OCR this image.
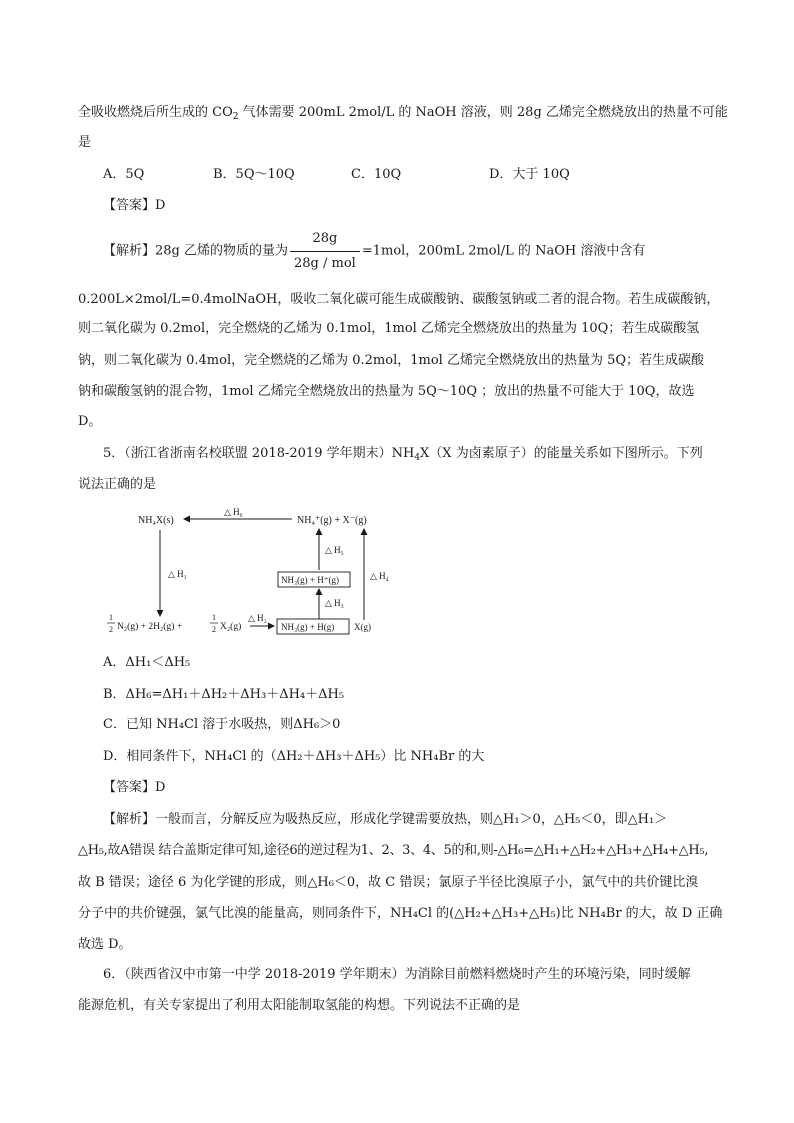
全吸收燃烧后所生成的 $CO_2$ 气体需要 200mL 2mol/L 的 NaOH 溶液，则 28g 乙烯完全燃烧放出的热量不可能
是
A．5Q	B．5Q～10Q	C．10Q	D．大于 10Q
【答案】D
【解析】28g 乙烯的物质的量为 $\frac{28g}{\text{28g / mol}} =1mol$，200mL 2mol/L 的 NaOH 溶液中含有
0.200L×2mol/L=0.4molNaOH，吸收二氧化碳可能生成碳酸钠、碳酸氢钠或二者的混合物。若生成碳酸钠，
则二氧化碳为 0.2mol，完全燃烧的乙烯为 0.1mol，1mol 乙烯完全燃烧放出的热量为 10Q；若生成碳酸氢
钠，则二氧化碳为 0.4mol，完全燃烧的乙烯为 0.2mol，1mol 乙烯完全燃烧放出的热量为 5Q；若生成碳酸
钠和碳酸氢钠的混合物，1mol 乙烯完全燃烧放出的热量为 5Q～10Q ；放出的热量不可能大于 10Q，故选
D。
5．（浙江省浙南名校联盟 2018-2019 学年期末）$NH_4X(X$ 为卤素原子）的能量关系如下图所示。下列
说法正确的是
NH₄X(s)
△ H₆
NH₄⁺(g) + X⁻(g)
△ H₁
△ H₅
△ H₄
NH₃(g) + H⁺(g)
△ H₃
1
2 N₂(g) + 2H₂(g) +
1
2 X₂(g)
△ H₂
NH₃(g) + H(g) X(g)
A．ΔH₁＜ΔH₅
B．ΔH₆=ΔH₁＋ΔH₂＋ΔH₃＋ΔH₄＋ΔH₅
C．已知 NH₄Cl 溶于水吸热，则ΔH₆＞0
D．相同条件下，NH₄Cl 的（ΔH₂＋ΔH₃＋ΔH₅）比 NH₄Br 的大
【答案】D
【解析】一般而言，分解反应为吸热反应，形成化学键需要放热，则△H₁＞0，△H₅＜0，即△H₁＞
△H₅,故A错误 结合盖斯定律可知,途径6的逆过程为1、2、3、4、5的和,则-△H₆=△H₁+△H₂+△H₃+△H₄+△H₅,
故 B 错误；途径 6 为化学键的形成，则△H₆＜0，故 C 错误；氯原子半径比溴原子小，氯气中的共价键比溴
分子中的共价键强，氯气比溴的能量高，则同条件下，NH₄Cl 的(△H₂+△H₃+△H₅)比 NH₄Br 的大，故 D 正确
故选 D。
6．（陕西省汉中市第一中学 2018-2019 学年期末）为消除目前燃料燃烧时产生的环境污染，同时缓解
能源危机，有关专家提出了利用太阳能制取氢能的构想。下列说法不正确的是
